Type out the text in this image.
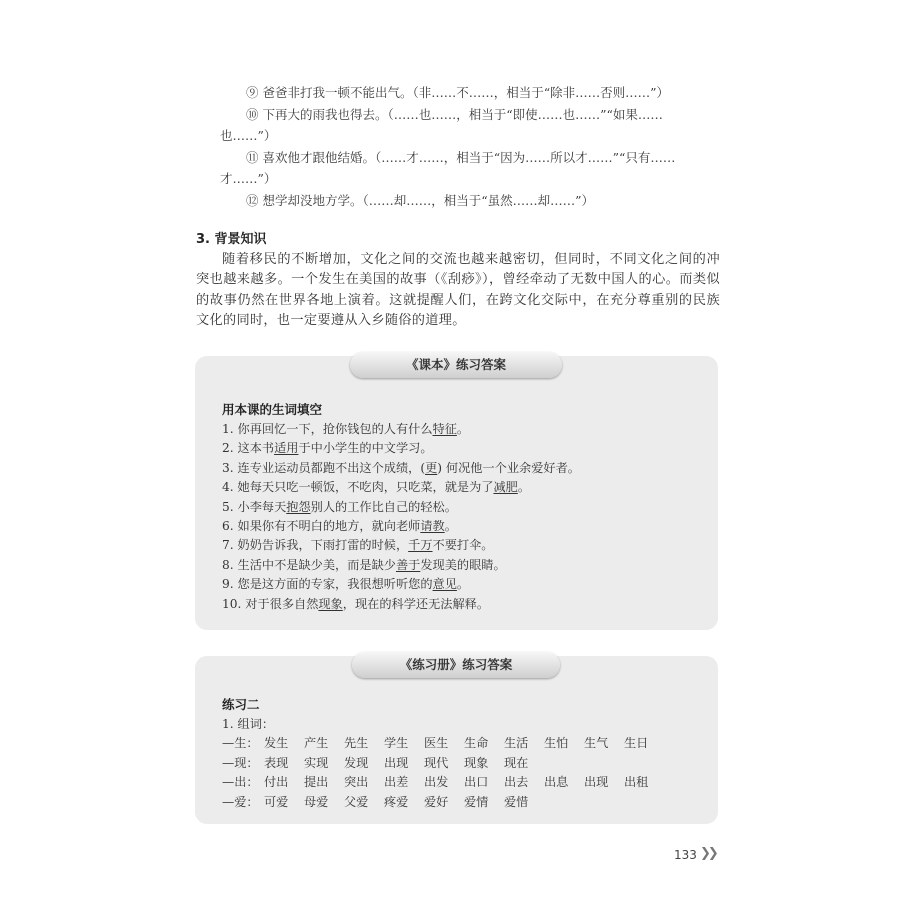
⑨ 爸爸非打我一顿不能出气。（非……不……，相当于“除非……否则……”）
⑩ 下再大的雨我也得去。（……也……，相当于“即使……也……”“如果……
也……”）
⑪ 喜欢他才跟他结婚。（……才……，相当于“因为……所以才……”“只有……
才……”）
⑫ 想学却没地方学。（……却……，相当于“虽然……却……”）
3. 背景知识
随着移民的不断增加，文化之间的交流也越来越密切，但同时，不同文化之间的冲突也越来越多。一个发生在美国的故事（《刮痧》），曾经牵动了无数中国人的心。而类似的故事仍然在世界各地上演着。这就提醒人们，在跨文化交际中，在充分尊重别的民族文化的同时，也一定要遵从入乡随俗的道理。
《课本》练习答案
用本课的生词填空
1. 你再回忆一下，抢你钱包的人有什么特征。
2. 这本书适用于中小学生的中文学习。
3. 连专业运动员都跑不出这个成绩，(更) 何况他一个业余爱好者。
4. 她每天只吃一顿饭，不吃肉，只吃菜，就是为了减肥。
5. 小李每天抱怨别人的工作比自己的轻松。
6. 如果你有不明白的地方，就向老师请教。
7. 奶奶告诉我，下雨打雷的时候，千万不要打伞。
8. 生活中不是缺少美，而是缺少善于发现美的眼睛。
9. 您是这方面的专家，我很想听听您的意见。
10. 对于很多自然现象，现在的科学还无法解释。
《练习册》练习答案
练习二
1. 组词：
—生： 发生 产生 先生 学生 医生 生命 生活 生怕 生气 生日
—现： 表现 实现 发现 出现 现代 现象 现在
—出： 付出 提出 突出 出差 出发 出口 出去 出息 出现 出租
—爱： 可爱 母爱 父爱 疼爱 爱好 爱情 爱惜
133 ❯❯
